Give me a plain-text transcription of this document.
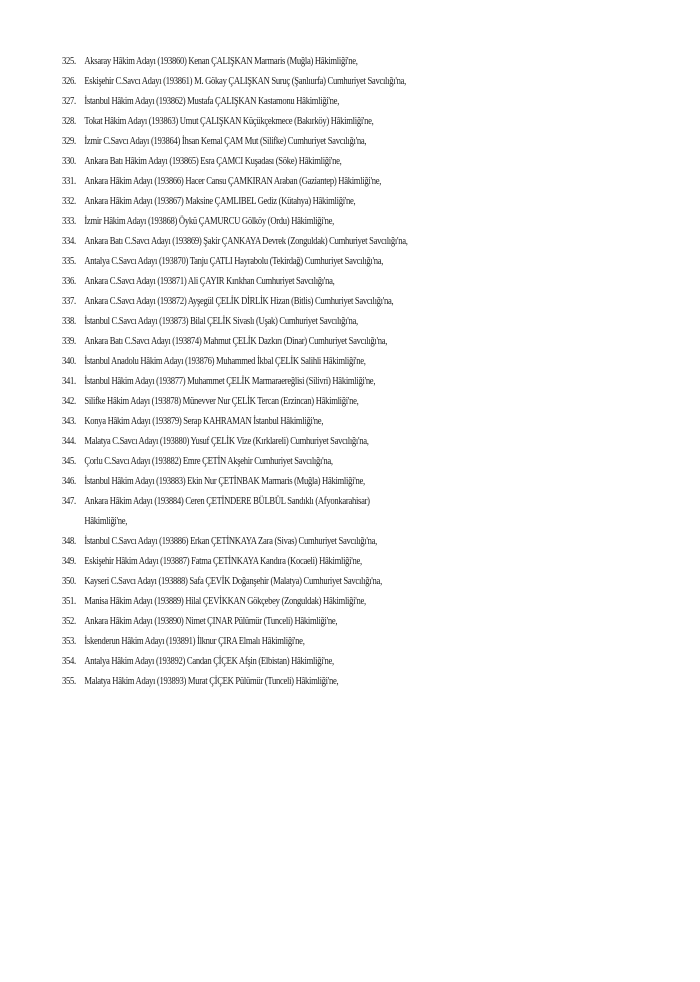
325. Aksaray Hâkim Adayı (193860) Kenan ÇALIŞKAN Marmaris (Muğla) Hâkimliği'ne,
326. Eskişehir C.Savcı Adayı (193861) M. Gökay ÇALIŞKAN Suruç (Şanlıurfa) Cumhuriyet Savcılığı'na,
327. İstanbul Hâkim Adayı (193862) Mustafa ÇALIŞKAN Kastamonu Hâkimliği'ne,
328. Tokat Hâkim Adayı (193863) Umut ÇALIŞKAN Küçükçekmece (Bakırköy) Hâkimliği'ne,
329. İzmir C.Savcı Adayı (193864) İhsan Kemal ÇAM Mut (Silifke) Cumhuriyet Savcılığı'na,
330. Ankara Batı Hâkim Adayı (193865) Esra ÇAMCI Kuşadası (Söke) Hâkimliği'ne,
331. Ankara Hâkim Adayı (193866) Hacer Cansu ÇAMKIRAN Araban (Gaziantep) Hâkimliği'ne,
332. Ankara Hâkim Adayı (193867) Maksine ÇAMLIBEL Gediz (Kütahya) Hâkimliği'ne,
333. İzmir Hâkim Adayı (193868) Öykü ÇAMURCU Gölköy (Ordu) Hâkimliği'ne,
334. Ankara Batı C.Savcı Adayı (193869) Şakir ÇANKAYA Devrek (Zonguldak) Cumhuriyet Savcılığı'na,
335. Antalya C.Savcı Adayı (193870) Tanju ÇATLI Hayrabolu (Tekirdağ) Cumhuriyet Savcılığı'na,
336. Ankara C.Savcı Adayı (193871) Ali ÇAYIR Kırıkhan Cumhuriyet Savcılığı'na,
337. Ankara C.Savcı Adayı (193872) Ayşegül ÇELİK DİRLİK Hizan (Bitlis) Cumhuriyet Savcılığı'na,
338. İstanbul C.Savcı Adayı (193873) Bilal ÇELİK Sivaslı (Uşak) Cumhuriyet Savcılığı'na,
339. Ankara Batı C.Savcı Adayı (193874) Mahmut ÇELİK Dazkırı (Dinar) Cumhuriyet Savcılığı'na,
340. İstanbul Anadolu Hâkim Adayı (193876) Muhammed İkbal ÇELİK Salihli Hâkimliği'ne,
341. İstanbul Hâkim Adayı (193877) Muhammet ÇELİK Marmaraereğlisi (Silivri) Hâkimliği'ne,
342. Silifke Hâkim Adayı (193878) Münevver Nur ÇELİK Tercan (Erzincan) Hâkimliği'ne,
343. Konya Hâkim Adayı (193879) Serap KAHRAMAN İstanbul Hâkimliği'ne,
344. Malatya C.Savcı Adayı (193880) Yusuf ÇELİK Vize (Kırklareli) Cumhuriyet Savcılığı'na,
345. Çorlu C.Savcı Adayı (193882) Emre ÇETİN Akşehir Cumhuriyet Savcılığı'na,
346. İstanbul Hâkim Adayı (193883) Ekin Nur ÇETİNBAK Marmaris (Muğla) Hâkimliği'ne,
347. Ankara Hâkim Adayı (193884) Ceren ÇETİNDERE BÜLBÜL Sandıklı (Afyonkarahisar)
Hâkimliği'ne,
348. İstanbul C.Savcı Adayı (193886) Erkan ÇETİNKAYA Zara (Sivas) Cumhuriyet Savcılığı'na,
349. Eskişehir Hâkim Adayı (193887) Fatma ÇETİNKAYA Kandıra (Kocaeli) Hâkimliği'ne,
350. Kayseri C.Savcı Adayı (193888) Safa ÇEVİK Doğanşehir (Malatya) Cumhuriyet Savcılığı'na,
351. Manisa Hâkim Adayı (193889) Hilal ÇEVİKKAN Gökçebey (Zonguldak) Hâkimliği'ne,
352. Ankara Hâkim Adayı (193890) Nimet ÇINAR Pülümür (Tunceli) Hâkimliği'ne,
353. İskenderun Hâkim Adayı (193891) İlknur ÇIRA Elmalı Hâkimliği'ne,
354. Antalya Hâkim Adayı (193892) Candan ÇİÇEK Afşin (Elbistan) Hâkimliği'ne,
355. Malatya Hâkim Adayı (193893) Murat ÇİÇEK Pülümür (Tunceli) Hâkimliği'ne,
